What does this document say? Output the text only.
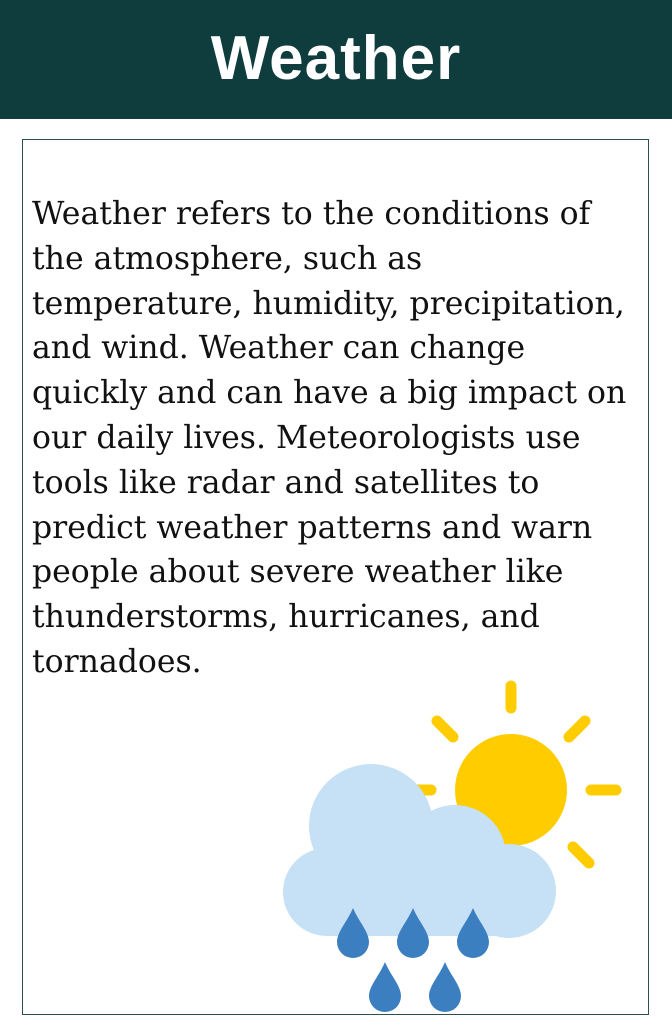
Weather

Weather refers to the conditions of the atmosphere, such as temperature, humidity, precipitation, and wind. Weather can change quickly and can have a big impact on our daily lives. Meteorologists use tools like radar and satellites to predict weather patterns and warn people about severe weather like thunderstorms, hurricanes, and tornadoes.
